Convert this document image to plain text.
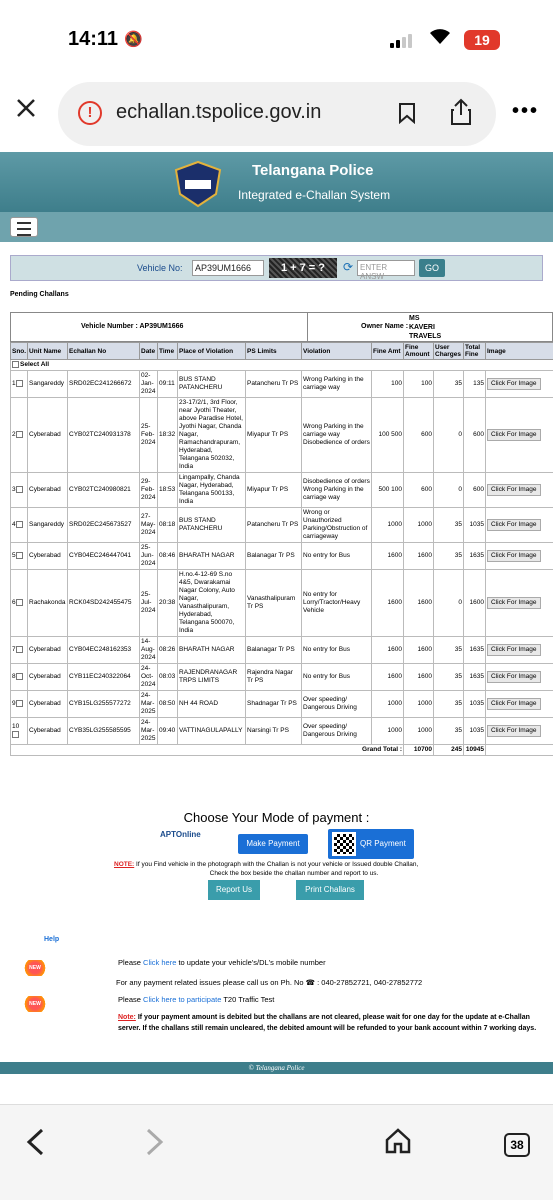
14:11 🔕	19
!	echallan.tspolice.gov.in	•••
Telangana Police
Integrated e-Challan System
Vehicle No:	AP39UM1666	1 + 7 = ?	⟳ ENTER ANSW
GO
Pending Challans
Vehicle Number : AP39UM1666	Owner Name :
MS KAVERI TRAVELS
Sno.	Unit Name	Echallan No	Date	Time	Place of Violation	PS Limits	Violation	Fine Amt	Fine Amount	User Charges	Total Fine	Image
Select All												
1	Sangareddy	SRD02EC241266672	02-Jan-2024	09:11	BUS STAND PATANCHERU	Patancheru Tr PS	Wrong Parking in the carriage way	100	100	35	135	Click For Image
2	Cyberabad	CYB02TC240931378	25-Feb-2024	18:32	23-17/2/1, 3rd Floor, near Jyothi Theater, above Paradise Hotel, Jyothi Nagar, Chanda Nagar, Ramachandrapuram, Hyderabad, Telangana 502032, India	Miyapur Tr PS	Wrong Parking in the carriage way Disobedience of orders	100 500	600	0	600	Click For Image
3	Cyberabad	CYB02TC240980821	29-Feb-2024	18:53	Lingampally, Chanda Nagar, Hyderabad, Telangana 500133, India	Miyapur Tr PS	Disobedience of orders Wrong Parking in the carriage way	500 100	600	0	600	Click For Image
4	Sangareddy	SRD02EC245673527	27-May-2024	08:18	BUS STAND PATANCHERU	Patancheru Tr PS	Wrong or Unauthorized Parking/Obstruction of carriageway	1000	1000	35	1035	Click For Image
5	Cyberabad	CYB04EC246447041	25-Jun-2024	08:46	BHARATH NAGAR	Balanagar Tr PS	No entry for Bus	1600	1600	35	1635	Click For Image
6	Rachakonda	RCK04SD242455475	25-Jul-2024	20:38	H.no.4-12-69 S.no 4&5, Dwarakamai Nagar Colony, Auto Nagar, Vanasthalipuram, Hyderabad, Telangana 500070, India	Vanasthalipuram Tr PS	No entry for Lorry/Tractor/Heavy Vehicle	1600	1600	0	1600	Click For Image
7	Cyberabad	CYB04EC248162353	14-Aug-2024	08:26	BHARATH NAGAR	Balanagar Tr PS	No entry for Bus	1600	1600	35	1635	Click For Image
8	Cyberabad	CYB11EC240322064	24-Oct-2024	08:03	RAJENDRANAGAR TRPS LIMITS	Rajendra Nagar Tr PS	No entry for Bus	1600	1600	35	1635	Click For Image
9	Cyberabad	CYB15LG255577272	24-Mar-2025	08:50	NH 44 ROAD	Shadnagar Tr PS	Over speeding/ Dangerous Driving	1000	1000	35	1035	Click For Image
10	Cyberabad	CYB35LG255585595	24-Mar-2025	09:40	VATTINAGULAPALLY	Narsingi Tr PS	Over speeding/ Dangerous Driving	1000	1000	35	1035	Click For Image
Grand Total :									10700	245	10945	
Choose Your Mode of payment :
APTOnline
Make Payment	QR Payment
NOTE: If you Find vehicle in the photograph with the Challan is not your vehicle or Issued double Challan,
Check the box beside the challan number and report to us.
Report Us	Print Challans
Help
NEW
NEW
Please Click here to update your vehicle's/DL's mobile number
For any payment related issues please call us on Ph. No ☎ : 040-27852721, 040-27852772
Please Click here to participate T20 Traffic Test
Note: If your payment amount is debited but the challans are not cleared, please wait for one day for the update at e-Challan server. If the challans still remain uncleared, the debited amount will be refunded to your bank account within 7 working days.
© Telangana Police
38
